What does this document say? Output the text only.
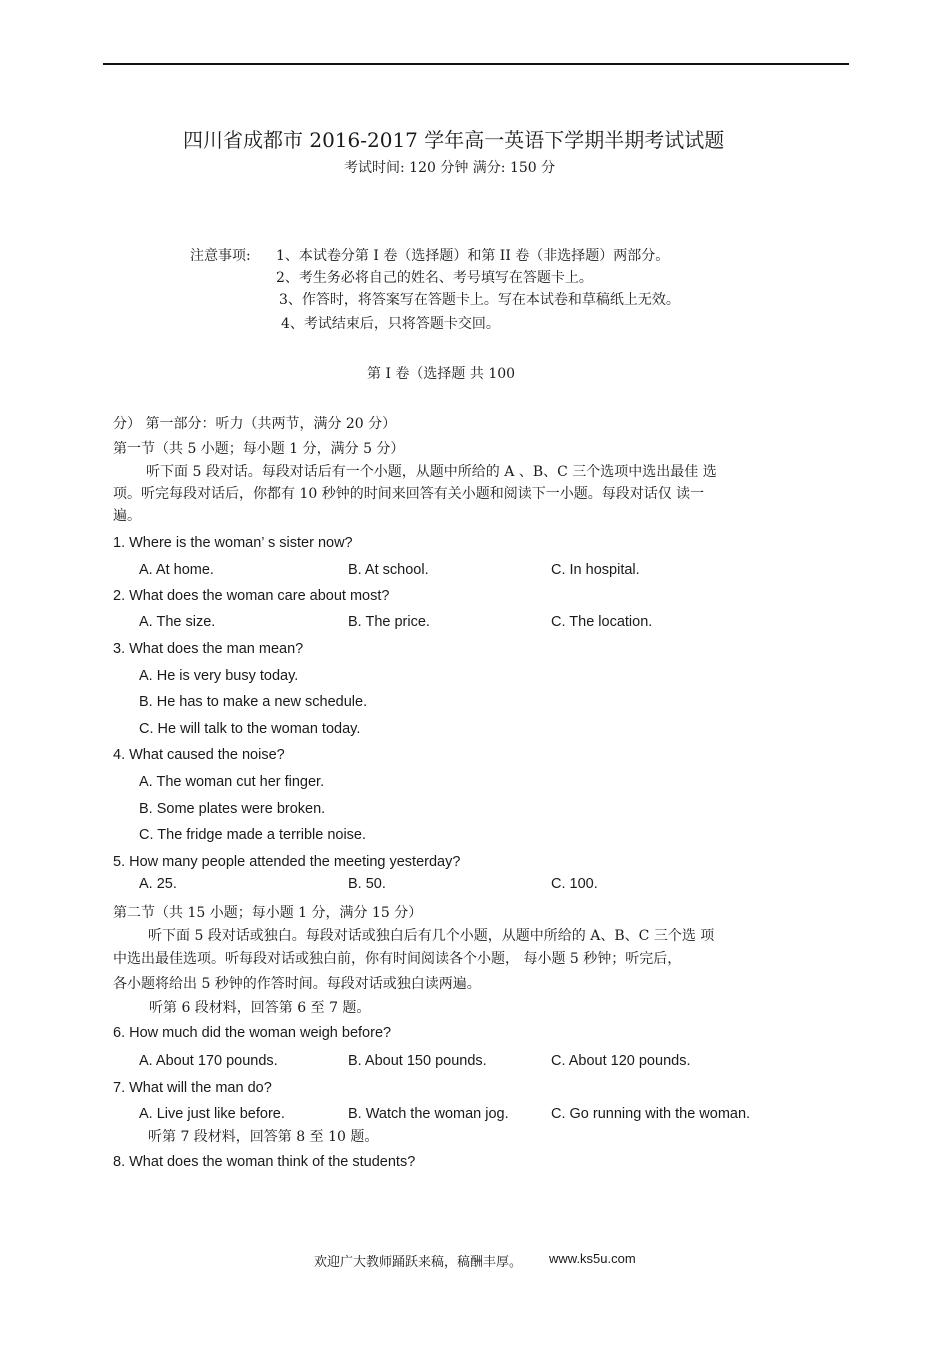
四川省成都市 2016-2017 学年高一英语下学期半期考试试题
考试时间: 120 分钟 满分: 150 分
注意事项: 1、本试卷分第 I 卷（选择题）和第 II 卷（非选择题）两部分。
2、考生务必将自己的姓名、考号填写在答题卡上。
3、作答时，将答案写在答题卡上。写在本试卷和草稿纸上无效。
4、考试结束后，只将答题卡交回。
第 I 卷（选择题 共 100
分） 第一部分：听力（共两节，满分 20 分）
第一节（共 5 小题；每小题 1 分，满分 5 分）
听下面 5 段对话。每段对话后有一个小题，从题中所给的 A 、B、C 三个选项中选出最佳 选
项。听完每段对话后，你都有 10 秒钟的时间来回答有关小题和阅读下一小题。每段对话仅 读一
遍。
1. Where is the woman’ s sister now?
A. At home.	B. At school.	C. In hospital.
2. What does the woman care about most?
A. The size.	B. The price.	C. The location.
3. What does the man mean?
A. He is very busy today.
B. He has to make a new schedule.
C. He will talk to the woman today.
4. What caused the noise?
A. The woman cut her finger.
B. Some plates were broken.
C. The fridge made a terrible noise.
5. How many people attended the meeting yesterday?
A. 25.	B. 50.	C. 100.
第二节（共 15 小题；每小题 1 分，满分 15 分）
听下面 5 段对话或独白。每段对话或独白后有几个小题，从题中所给的 A、B、C 三个选 项
中选出最佳选项。听每段对话或独白前，你有时间阅读各个小题， 每小题 5 秒钟；听完后，
各小题将给出 5 秒钟的作答时间。每段对话或独白读两遍。
听第 6 段材料，回答第 6 至 7 题。
6. How much did the woman weigh before?
A. About 170 pounds.	B. About 150 pounds.	C. About 120 pounds.
7. What will the man do?
A. Live just like before.	B. Watch the woman jog.	C. Go running with the woman.
听第 7 段材料，回答第 8 至 10 题。
8. What does the woman think of the students?
欢迎广大教师踊跃来稿，稿酬丰厚。 www.ks5u.com
